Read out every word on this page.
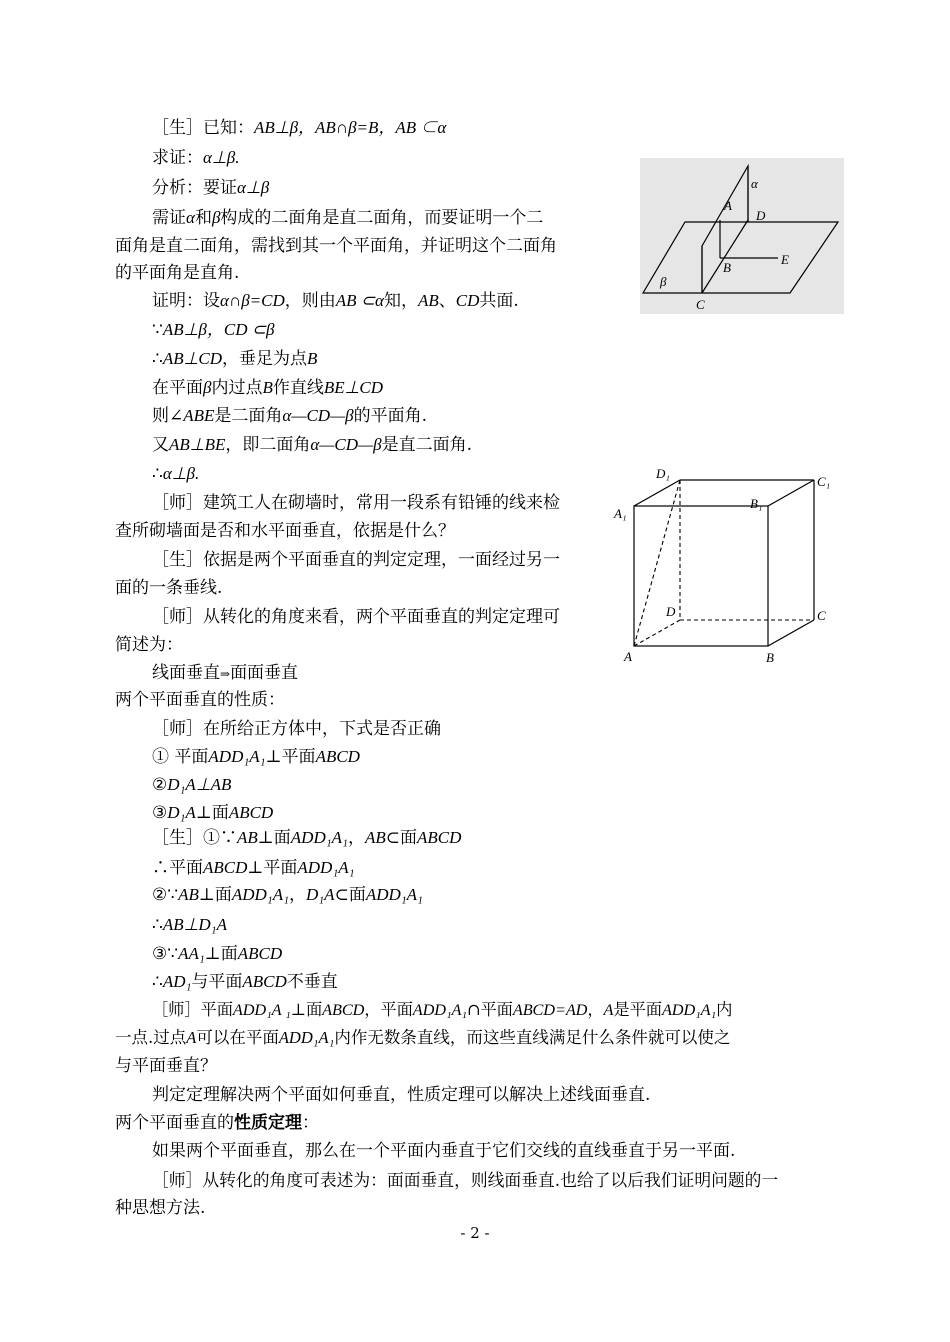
［生］已知：AB⊥β，AB∩β=B，AB ⊂α
求证：α⊥β.
分析：要证α⊥β
需证α和β构成的二面角是直二面角，而要证明一个二
面角是直二面角，需找到其一个平面角，并证明这个二面角
的平面角是直角.
证明：设α∩β=CD，则由AB ⊂α知，AB、CD共面.
∵AB⊥β，CD ⊂β
∴AB⊥CD，垂足为点B
在平面β内过点B作直线BE⊥CD
则∠ABE是二面角α—CD—β的平面角.
又AB⊥BE，即二面角α—CD—β是直二面角.
∴α⊥β.
［师］建筑工人在砌墙时，常用一段系有铅锤的线来检
查所砌墙面是否和水平面垂直，依据是什么？
［生］依据是两个平面垂直的判定定理，一面经过另一
面的一条垂线.
［师］从转化的角度来看，两个平面垂直的判定定理可
简述为：
线面垂直⇒面面垂直
两个平面垂直的性质：
［师］在所给正方体中，下式是否正确
① 平面ADD₁A₁⊥平面ABCD
②D₁A⊥AB
③D₁A⊥面ABCD
［生］①∵AB⊥面ADD₁A₁，AB⊂面ABCD
∴平面ABCD⊥平面ADD₁A₁
②∵AB⊥面ADD₁A₁，D₁A⊂面ADD₁A₁
∴AB⊥D₁A
③∵AA₁⊥面ABCD
∴AD₁与平面ABCD不垂直
［师］平面ADD₁A ₁⊥面ABCD，平面ADD₁A₁∩平面ABCD=AD，A是平面ADD₁A₁内
一点.过点A可以在平面ADD₁A₁内作无数条直线，而这些直线满足什么条件就可以使之
与平面垂直？
判定定理解决两个平面如何垂直，性质定理可以解决上述线面垂直.
两个平面垂直的性质定理：
如果两个平面垂直，那么在一个平面内垂直于它们交线的直线垂直于另一平面.
［师］从转化的角度可表述为：面面垂直，则线面垂直.也给了以后我们证明问题的一
种思想方法.
- 2 -
α
A
D
B
E
β
C
D₁
C₁
A₁
B₁
D	C
A	B
